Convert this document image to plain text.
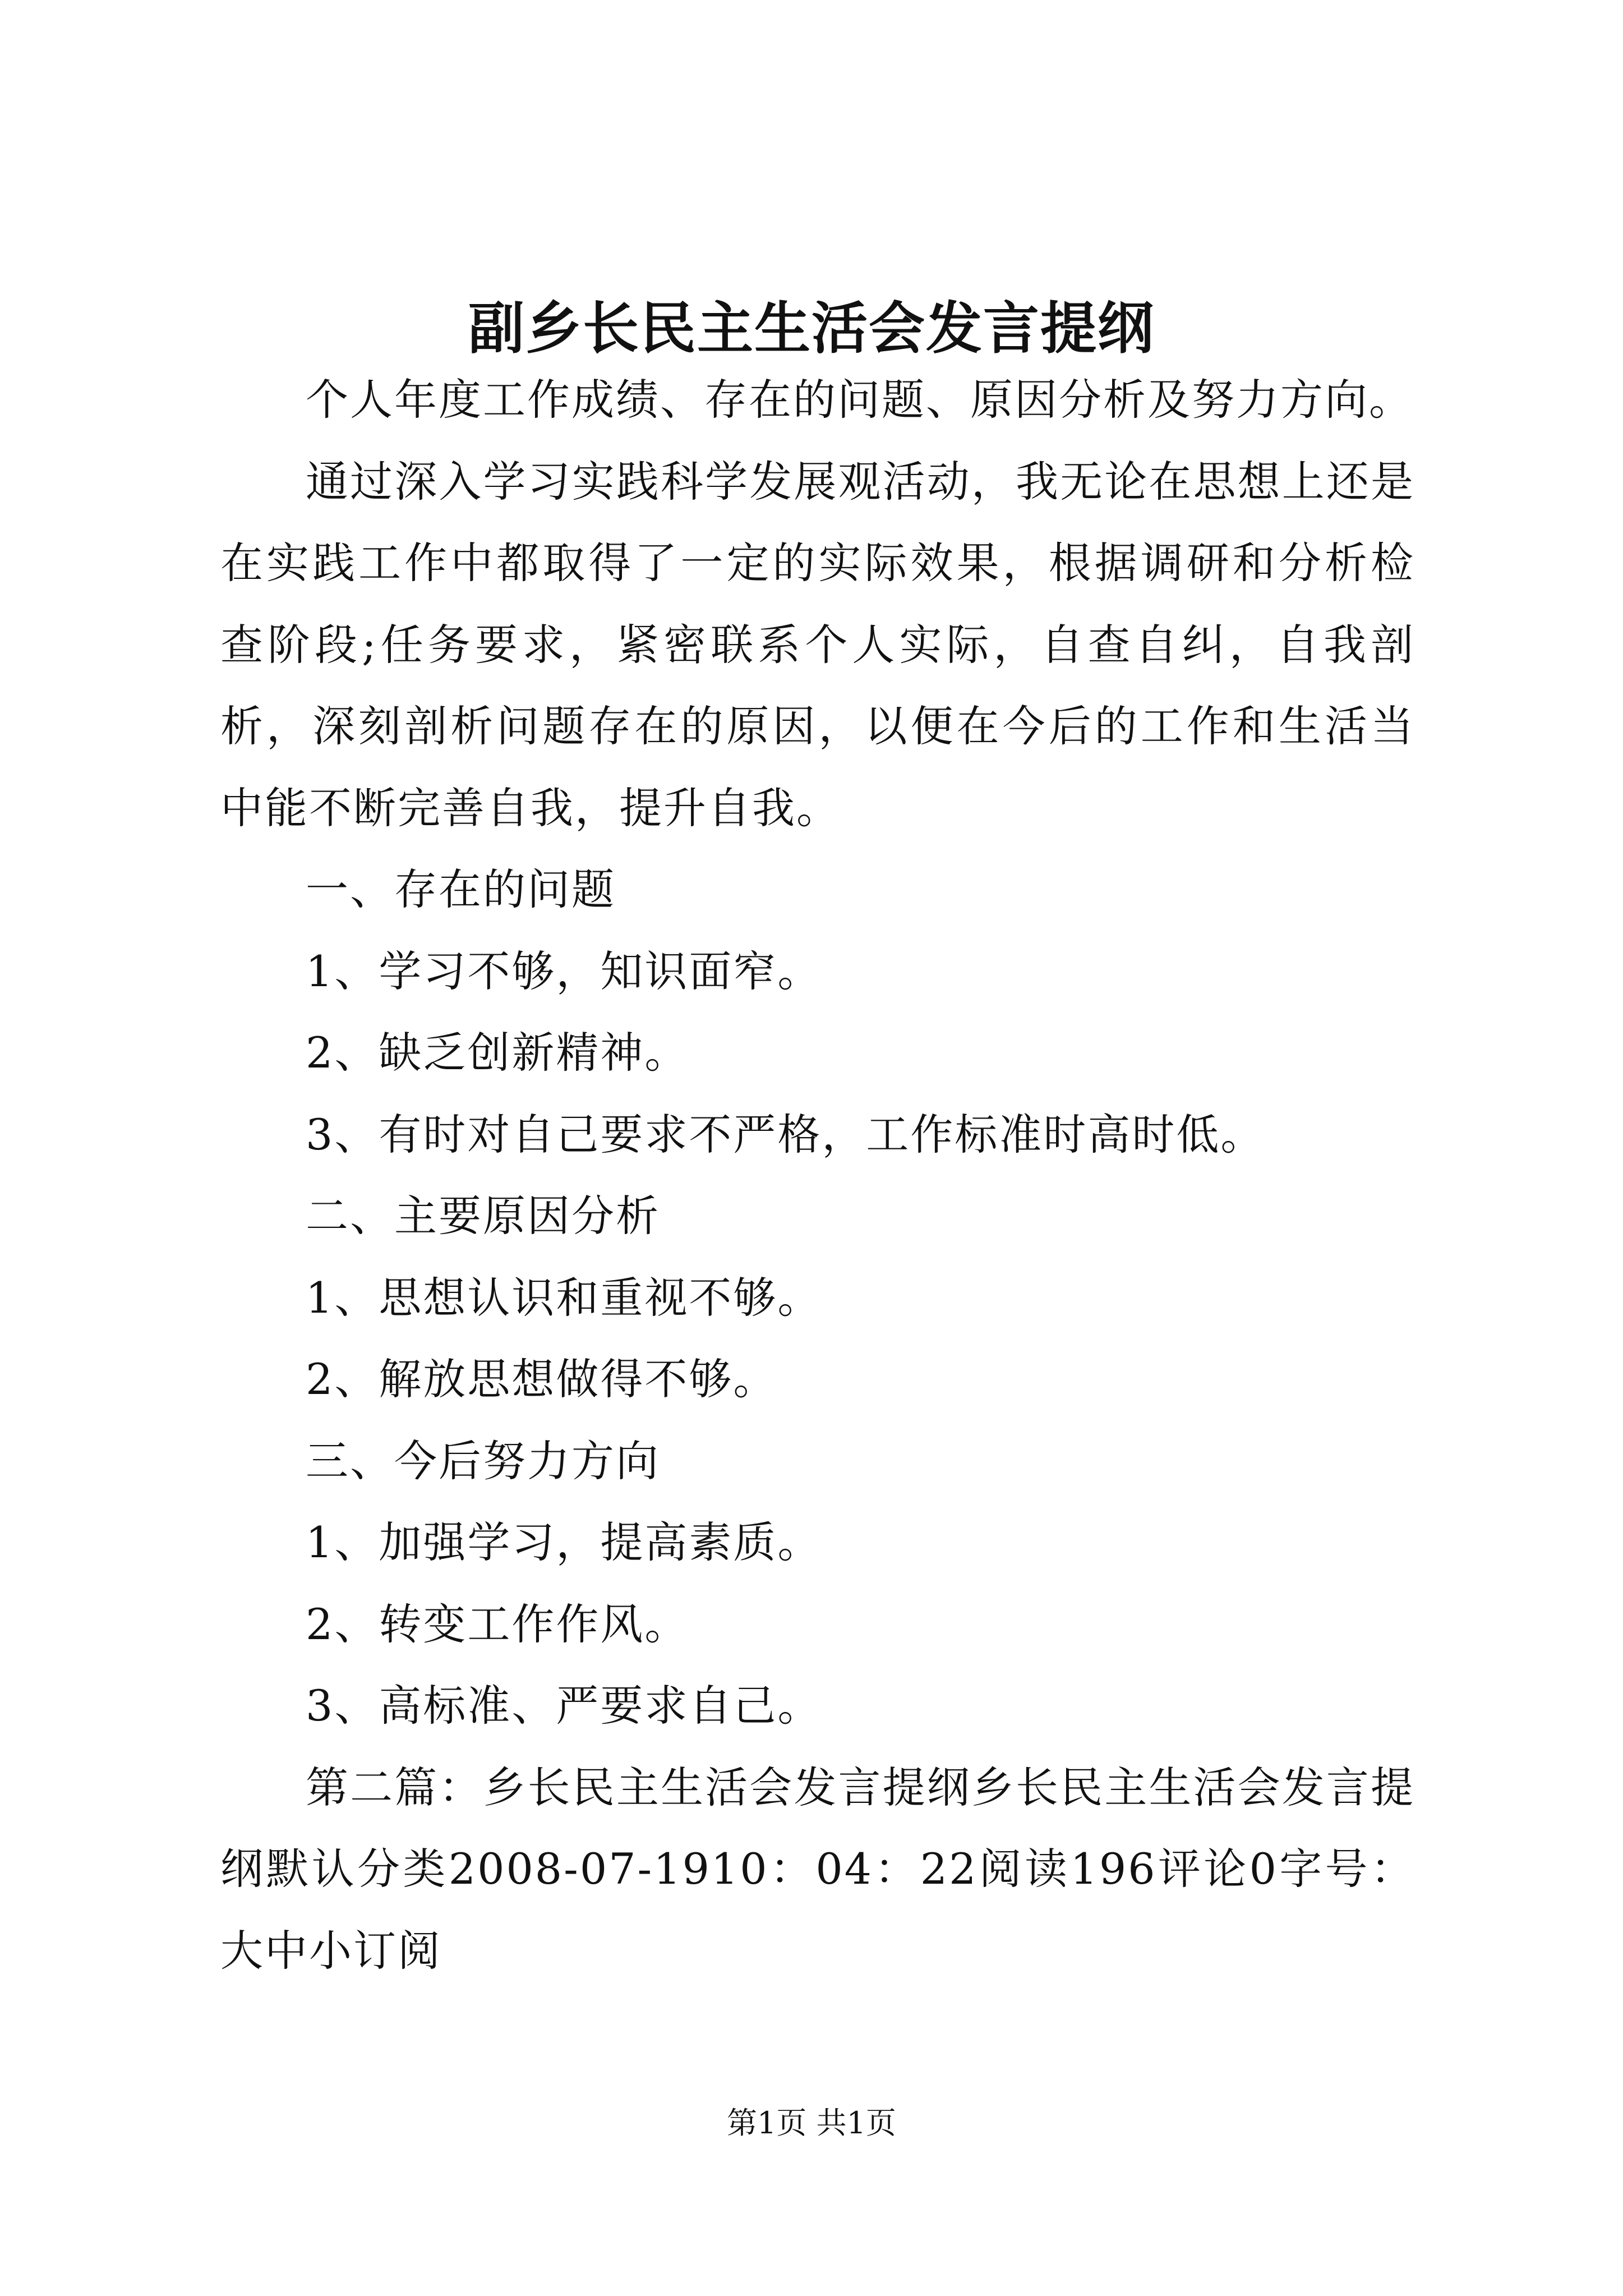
副乡长民主生活会发言提纲

个人年度工作成绩、存在的问题、原因分析及努力方向。

通过深入学习实践科学发展观活动，我无论在思想上还是在实践工作中都取得了一定的实际效果，根据调研和分析检查阶段;任务要求，紧密联系个人实际，自查自纠，自我剖析，深刻剖析问题存在的原因，以便在今后的工作和生活当中能不断完善自我，提升自我。

一、存在的问题

1、学习不够，知识面窄。

2、缺乏创新精神。

3、有时对自己要求不严格，工作标准时高时低。

二、主要原因分析

1、思想认识和重视不够。

2、解放思想做得不够。

三、今后努力方向

1、加强学习，提高素质。

2、转变工作作风。

3、高标准、严要求自己。

第二篇：乡长民主生活会发言提纲乡长民主生活会发言提纲默认分类2008-07-1910：04：22阅读196评论0字号：大中小订阅

第1页 共1页
